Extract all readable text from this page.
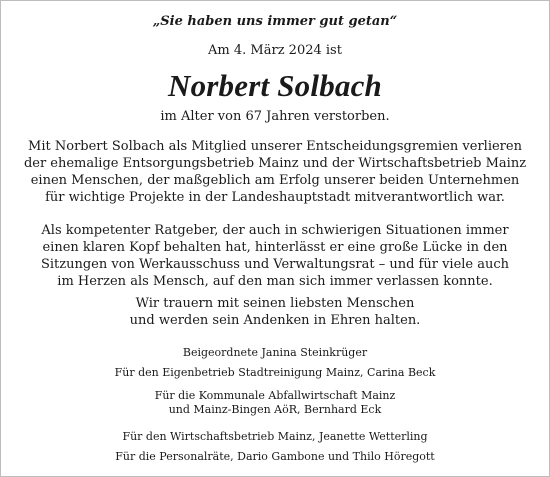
„Sie haben uns immer gut getan“
Am 4. März 2024 ist
Norbert Solbach
im Alter von 67 Jahren verstorben.
Mit Norbert Solbach als Mitglied unserer Entscheidungsgremien verlieren
der ehemalige Entsorgungsbetrieb Mainz und der Wirtschaftsbetrieb Mainz
einen Menschen, der maßgeblich am Erfolg unserer beiden Unternehmen
für wichtige Projekte in der Landeshauptstadt mitverantwortlich war.
Als kompetenter Ratgeber, der auch in schwierigen Situationen immer
einen klaren Kopf behalten hat, hinterlässt er eine große Lücke in den
Sitzungen von Werkausschuss und Verwaltungsrat – und für viele auch
im Herzen als Mensch, auf den man sich immer verlassen konnte.
Wir trauern mit seinen liebsten Menschen
und werden sein Andenken in Ehren halten.
Beigeordnete Janina Steinkrüger
Für den Eigenbetrieb Stadtreinigung Mainz, Carina Beck
Für die Kommunale Abfallwirtschaft Mainz
und Mainz-Bingen AöR, Bernhard Eck
Für den Wirtschaftsbetrieb Mainz, Jeanette Wetterling
Für die Personalräte, Dario Gambone und Thilo Höregott
